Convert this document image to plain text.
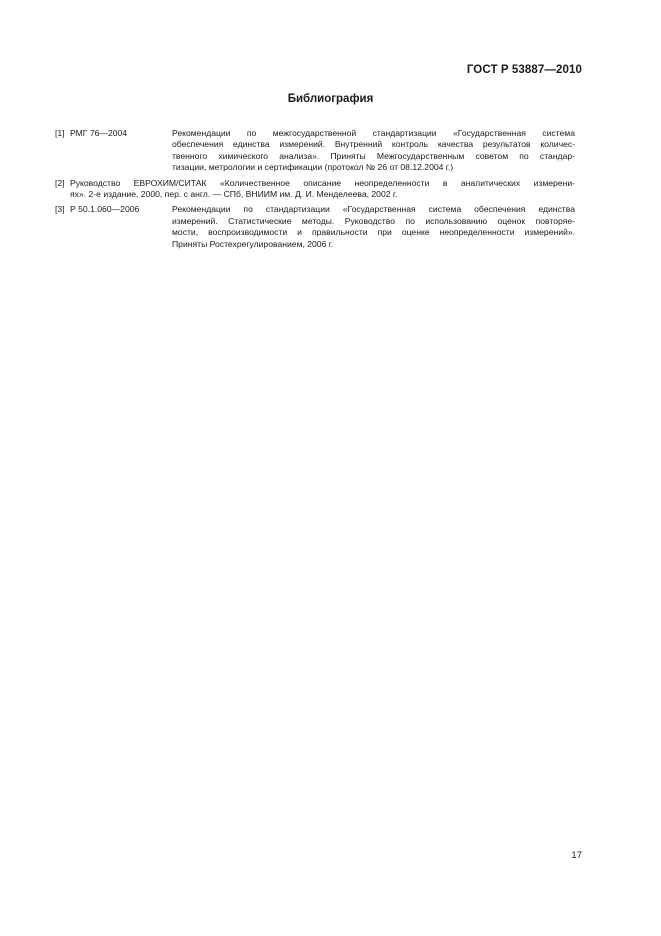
ГОСТ Р 53887—2010
Библиография
[1] РМГ 76—2004	Рекомендации по межгосударственной стандартизации «Государственная система
обеспечения единства измерений. Внутренний контроль качества результатов количес-
твенного химического анализа». Приняты Межгосударственным советом по стандар-
тизации, метрологии и сертификации (протокол № 26 от 08.12.2004 г.)
[2] Руководство ЕВРОХИМ/СИТАК «Количественное описание неопределенности в аналитических измерени-
ях». 2-е издание, 2000, пер. с англ. — СПб, ВНИИМ им. Д. И. Менделеева, 2002 г.
[3] Р 50.1.060—2006	Рекомендации по стандартизации «Государственная система обеспечения единства
измерений. Статистические методы. Руководство по использованию оценок повторяе-
мости, воспроизводимости и правильности при оценке неопределенности измерений».
Приняты Ростехрегулированием, 2006 г.
17
